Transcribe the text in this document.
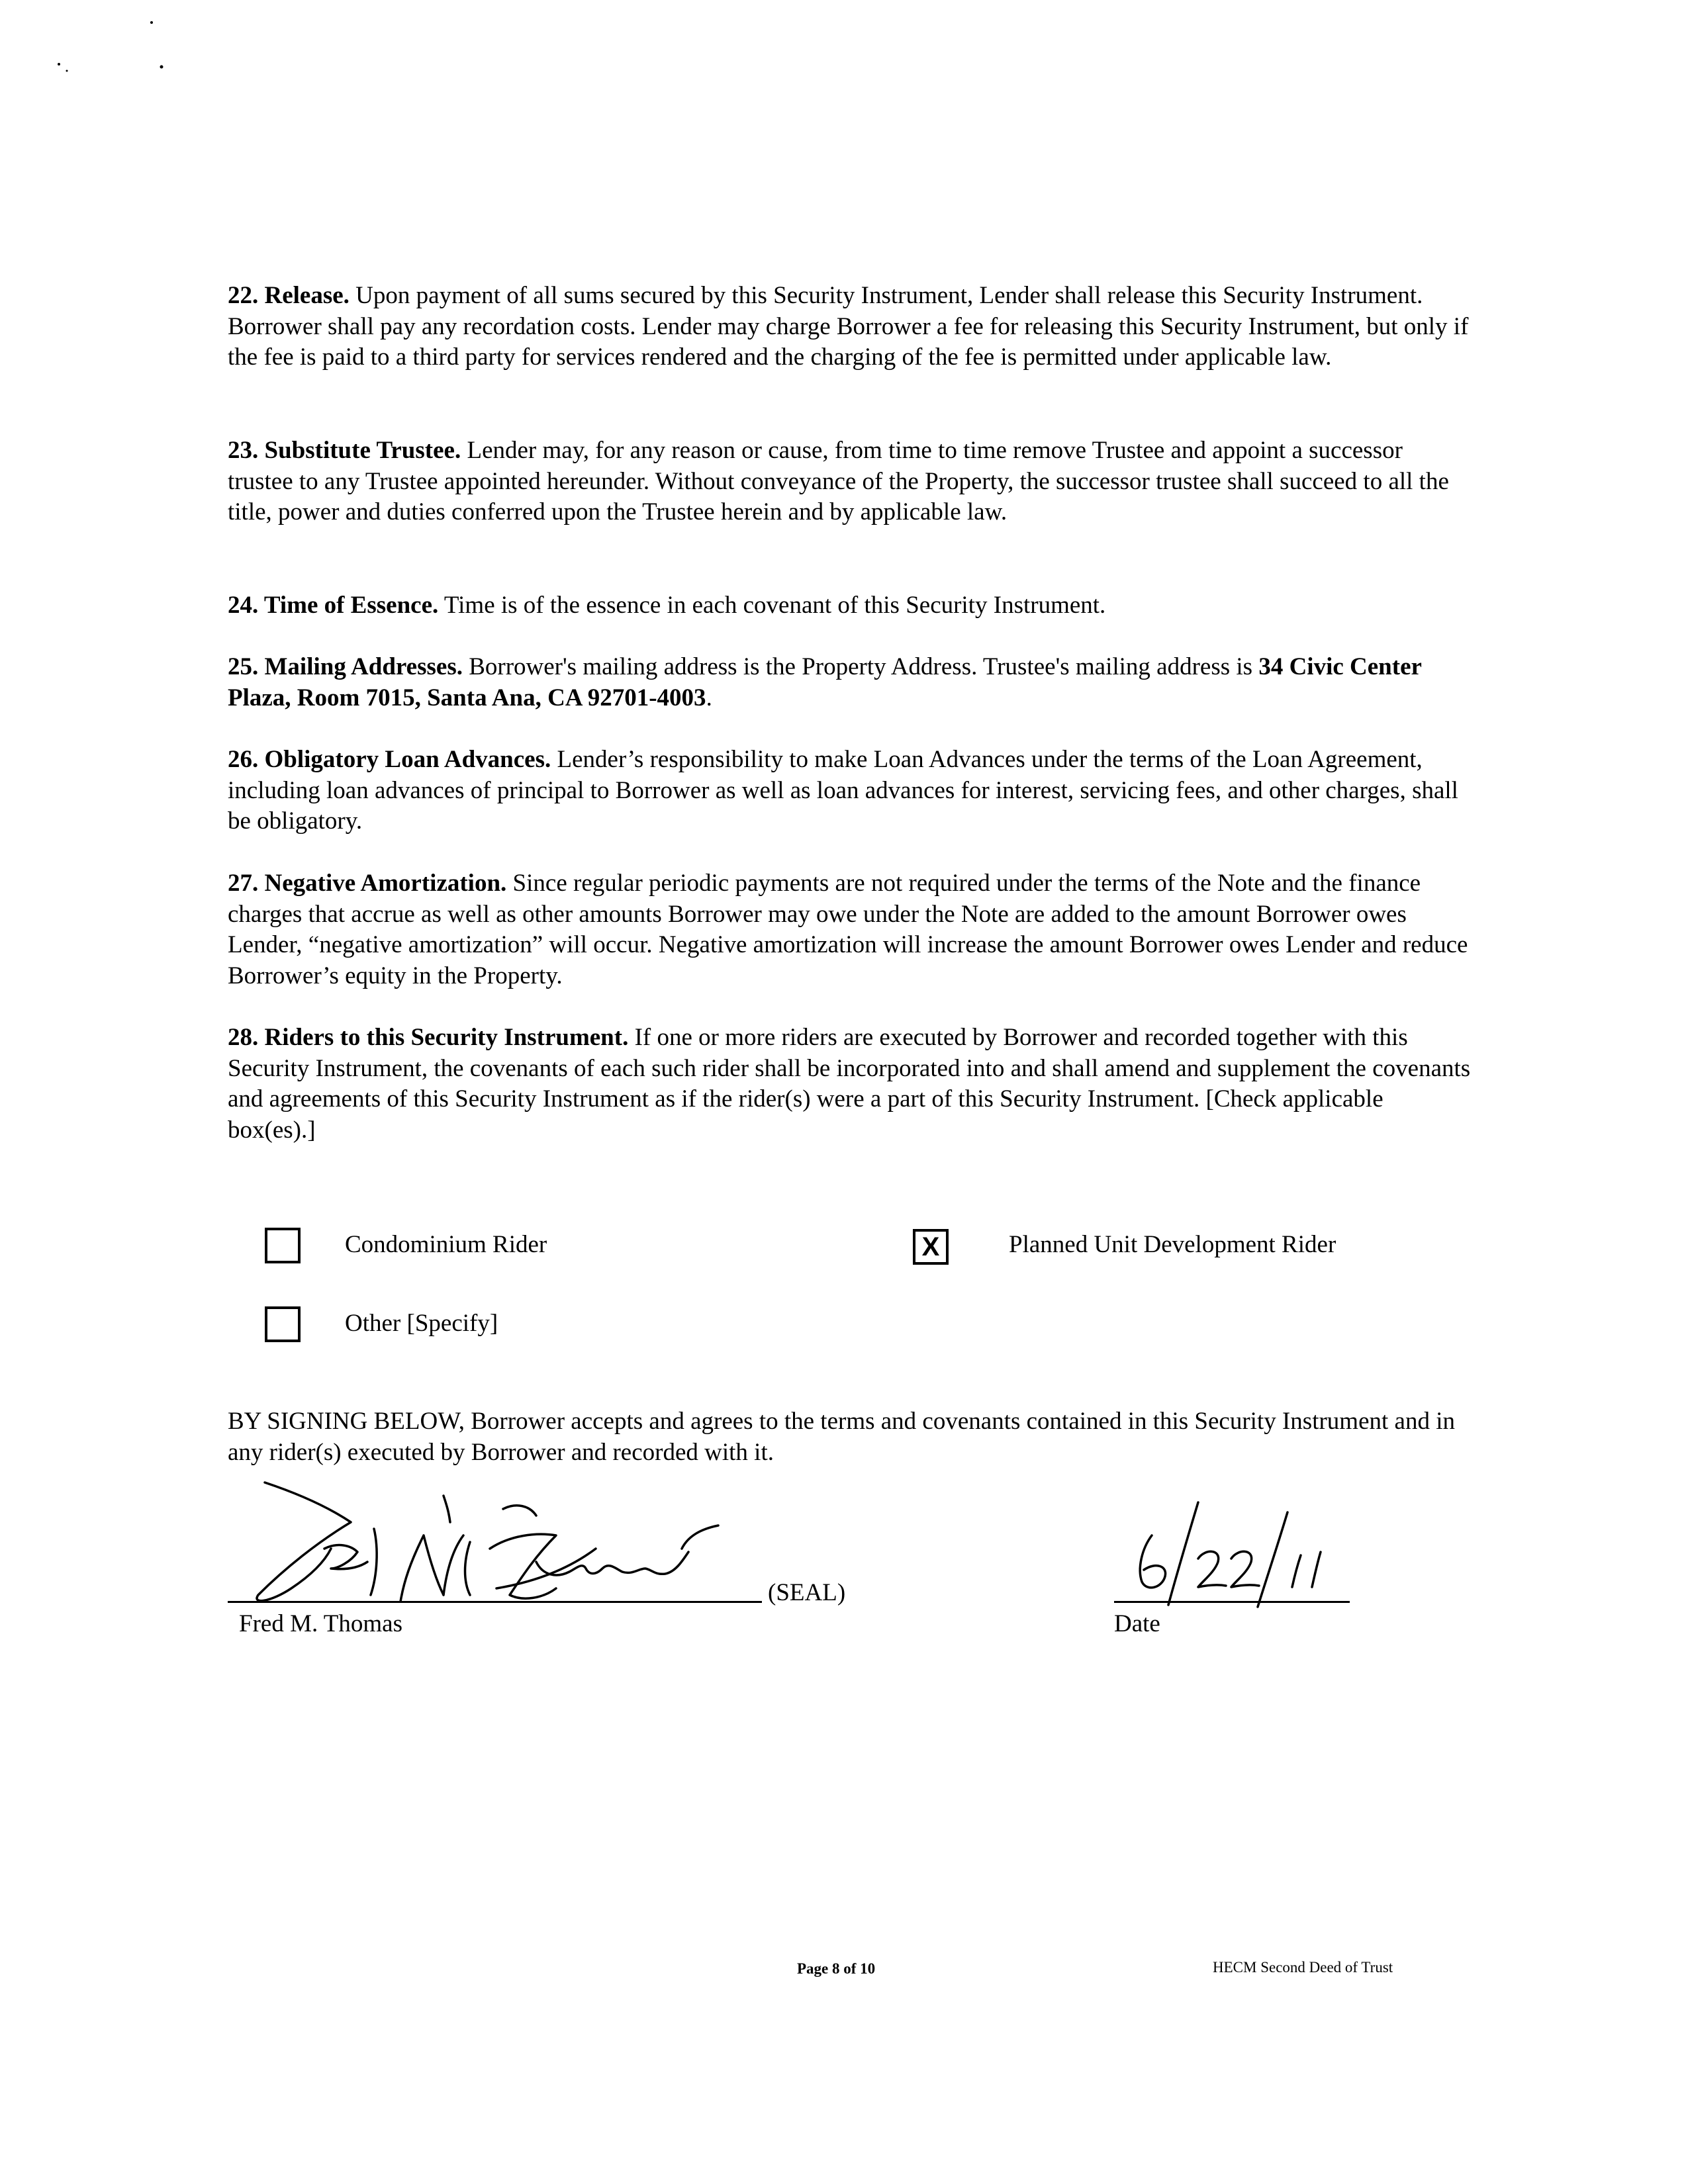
22. Release. Upon payment of all sums secured by this Security Instrument, Lender shall release this Security Instrument. Borrower shall pay any recordation costs. Lender may charge Borrower a fee for releasing this Security Instrument, but only if the fee is paid to a third party for services rendered and the charging of the fee is permitted under applicable law.

23. Substitute Trustee. Lender may, for any reason or cause, from time to time remove Trustee and appoint a successor trustee to any Trustee appointed hereunder. Without conveyance of the Property, the successor trustee shall succeed to all the title, power and duties conferred upon the Trustee herein and by applicable law.

24. Time of Essence. Time is of the essence in each covenant of this Security Instrument.

25. Mailing Addresses. Borrower's mailing address is the Property Address. Trustee's mailing address is 34 Civic Center Plaza, Room 7015, Santa Ana, CA 92701-4003.

26. Obligatory Loan Advances. Lender’s responsibility to make Loan Advances under the terms of the Loan Agreement, including loan advances of principal to Borrower as well as loan advances for interest, servicing fees, and other charges, shall be obligatory.

27. Negative Amortization. Since regular periodic payments are not required under the terms of the Note and the finance charges that accrue as well as other amounts Borrower may owe under the Note are added to the amount Borrower owes Lender, “negative amortization” will occur. Negative amortization will increase the amount Borrower owes Lender and reduce Borrower’s equity in the Property.

28. Riders to this Security Instrument. If one or more riders are executed by Borrower and recorded together with this Security Instrument, the covenants of each such rider shall be incorporated into and shall amend and supplement the covenants and agreements of this Security Instrument as if the rider(s) were a part of this Security Instrument. [Check applicable box(es).]

Condominium Rider	X	Planned Unit Development Rider
Other [Specify]

BY SIGNING BELOW, Borrower accepts and agrees to the terms and covenants contained in this Security Instrument and in any rider(s) executed by Borrower and recorded with it.

(SEAL)
Fred M. Thomas	Date
Page 8 of 10	HECM Second Deed of Trust
